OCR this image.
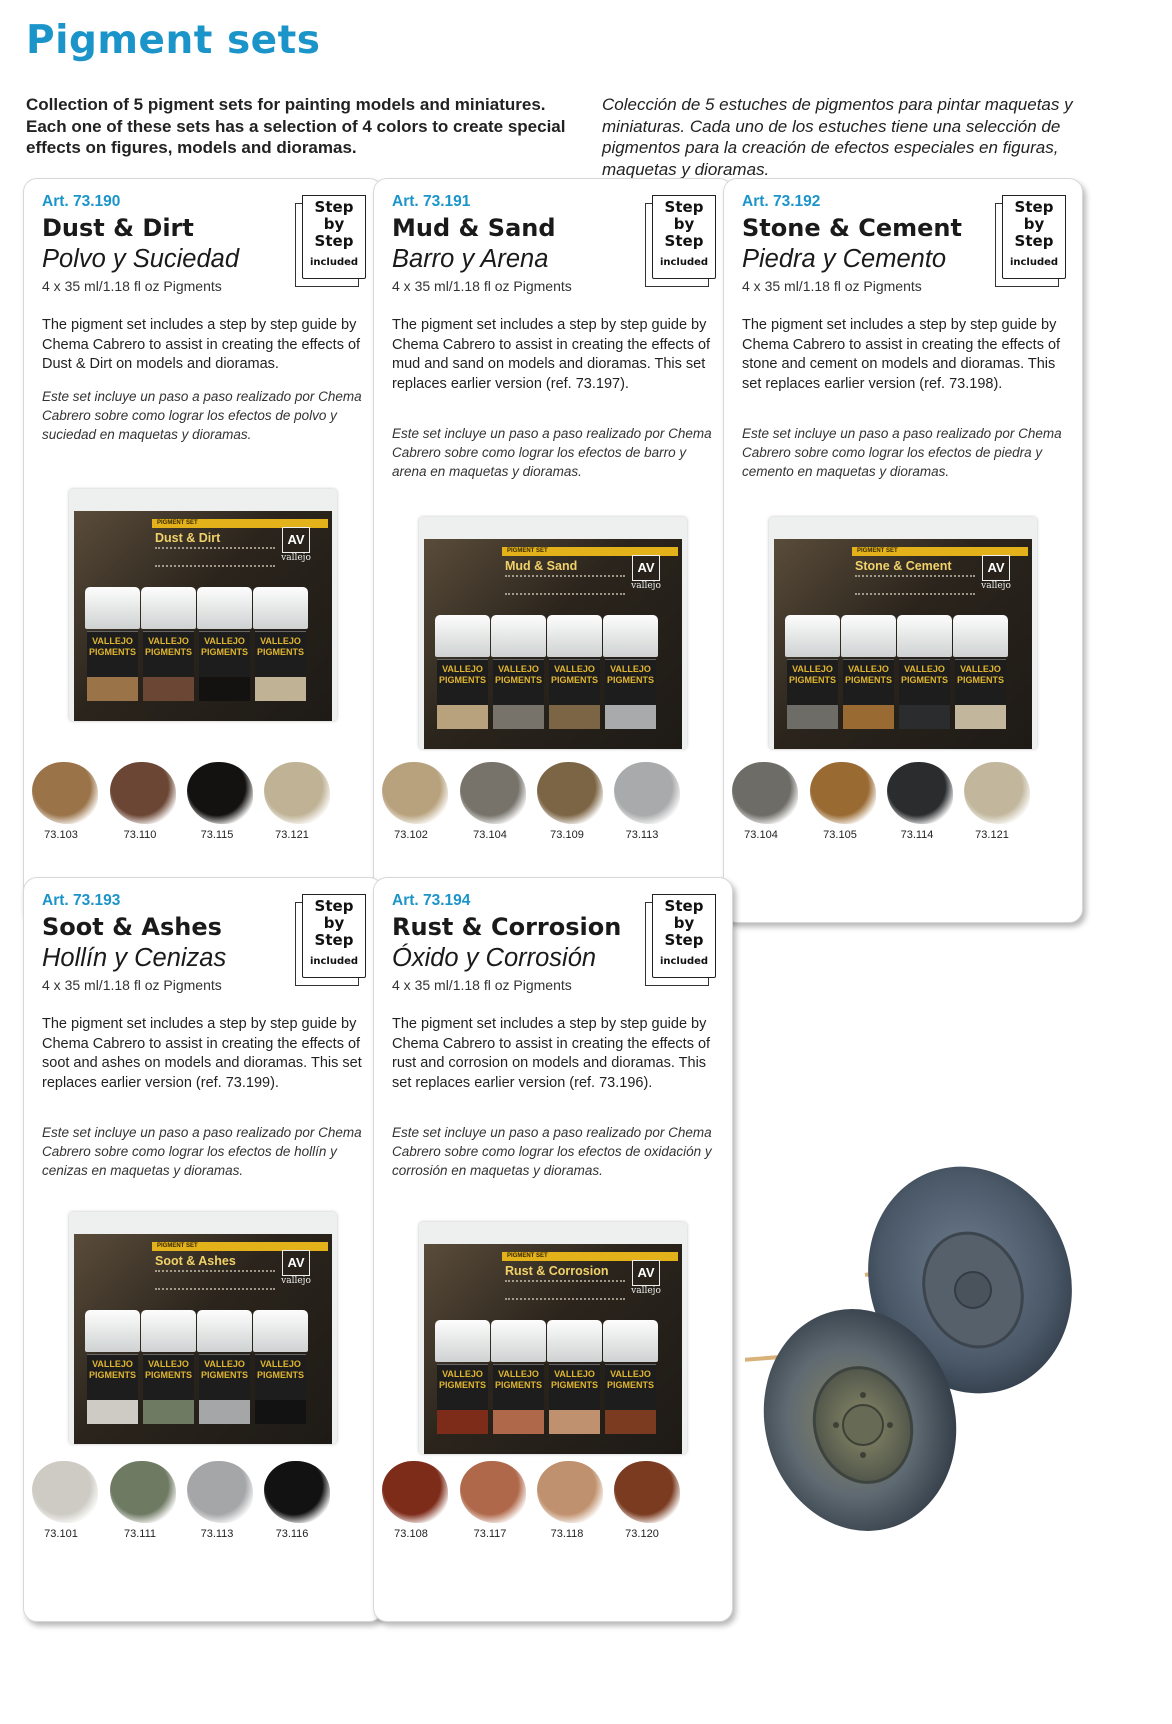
Pigment sets
Collection of 5 pigment sets for painting models and miniatures. Each one of these sets has a selection of 4 colors to create special effects on figures, models and dioramas.
Colección de 5 estuches de pigmentos para pintar maquetas y miniaturas. Cada uno de los estuches tiene una selección de pigmentos para la creación de efectos especiales en figuras, maquetas y dioramas.
Art. 73.190
Dust & Dirt
Polvo y Suciedad
4 x 35 ml/1.18 fl oz Pigments
Step
by
Step
included
The pigment set includes a step by step guide by Chema Cabrero to assist in creating the effects of Dust & Dirt on models and dioramas.
Este set incluye un paso a paso realizado por Chema Cabrero sobre como lograr los efectos de polvo y suciedad en maquetas y dioramas.
PIGMENT SET
Dust & Dirt	AV
vallejo
VALLEJO PIGMENTS
VALLEJO PIGMENTS
VALLEJO PIGMENTS
VALLEJO PIGMENTS
73.103	73.110	73.115	73.121
Art. 73.191
Mud & Sand
Barro y Arena
4 x 35 ml/1.18 fl oz Pigments
Step
by
Step
included
The pigment set includes a step by step guide by Chema Cabrero to assist in creating the effects of mud and sand on models and dioramas. This set replaces earlier version (ref. 73.197).
Este set incluye un paso a paso realizado por Chema Cabrero sobre como lograr los efectos de barro y arena en maquetas y dioramas.
PIGMENT SET
Mud & Sand	AV
vallejo
VALLEJO PIGMENTS
VALLEJO PIGMENTS
VALLEJO PIGMENTS
VALLEJO PIGMENTS
73.102	73.104	73.109	73.113
Art. 73.192
Stone & Cement
Piedra y Cemento
4 x 35 ml/1.18 fl oz Pigments
Step
by
Step
included
The pigment set includes a step by step guide by Chema Cabrero to assist in creating the effects of stone and cement on models and dioramas. This set replaces earlier version (ref. 73.198).
Este set incluye un paso a paso realizado por Chema Cabrero sobre como lograr los efectos de piedra y cemento en maquetas y dioramas.
PIGMENT SET
Stone & Cement	AV
vallejo
VALLEJO PIGMENTS
VALLEJO PIGMENTS
VALLEJO PIGMENTS
VALLEJO PIGMENTS
73.104	73.105	73.114	73.121
Art. 73.193
Soot & Ashes
Hollín y Cenizas
4 x 35 ml/1.18 fl oz Pigments
Step
by
Step
included
The pigment set includes a step by step guide by Chema Cabrero to assist in creating the effects of soot and ashes on models and dioramas. This set replaces earlier version (ref. 73.199).
Este set incluye un paso a paso realizado por Chema Cabrero sobre como lograr los efectos de hollín y cenizas en maquetas y dioramas.
PIGMENT SET
Soot & Ashes	AV
vallejo
VALLEJO PIGMENTS
VALLEJO PIGMENTS
VALLEJO PIGMENTS
VALLEJO PIGMENTS
73.101	73.111	73.113	73.116
Art. 73.194
Rust & Corrosion
Óxido y Corrosión
4 x 35 ml/1.18 fl oz Pigments
Step
by
Step
included
The pigment set includes a step by step guide by Chema Cabrero to assist in creating the effects of rust and corrosion on models and dioramas. This set replaces earlier version (ref. 73.196).
Este set incluye un paso a paso realizado por Chema Cabrero sobre como lograr los efectos de oxidación y corrosión en maquetas y dioramas.
PIGMENT SET
Rust & Corrosion	AV
vallejo
VALLEJO PIGMENTS
VALLEJO PIGMENTS
VALLEJO PIGMENTS
VALLEJO PIGMENTS
73.108	73.117	73.118	73.120
